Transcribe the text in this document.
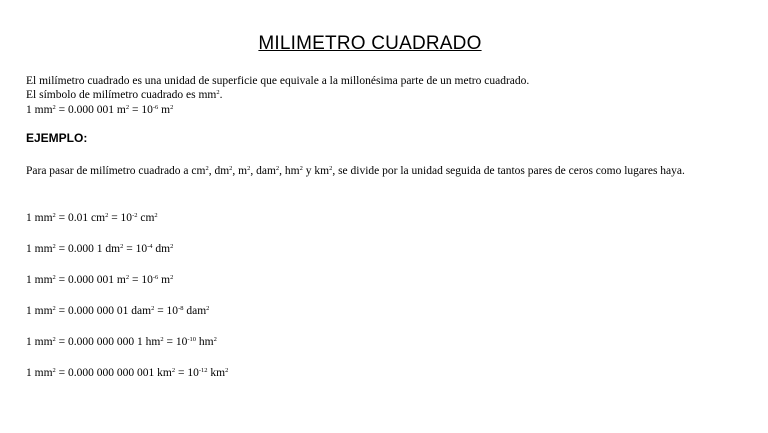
MILIMETRO CUADRADO
El milímetro cuadrado es una unidad de superficie que equivale a la millonésima parte de un metro cuadrado.
El símbolo de milímetro cuadrado es $mm^2$.
1 $mm^2 = 0.000$ 001 $m^2 = 10^{-6}$ $m^2$
EJEMPLO:
Para pasar de milímetro cuadrado a $cm^2$, $dm^2$, $m^2$, dam$^2$, $hm^2$ y $km^2$, se divide por la unidad seguida de tantos pares de ceros como lugares haya.
1 $mm^2 = 0.01$ $cm^2 = 10^{-2}$ $cm^2$
1 $mm^2 = 0.000$ 1 $dm^2 = 10^{-4}$ $dm^2$
1 $mm^2 = 0.000$ 001 $m^2 = 10^{-6}$ $m^2$
1 $mm^2 = 0.000$ 000 01 $dam^2 = 10^{-8}$ dam$^2$
1 $mm^2 = 0.000$ 000 000 1 $hm^2 = 10^{-10}$ $hm^2$
1 $mm^2 = 0.000$ 000 000 001 $km^2 = 10^{-12}$ $km^2$
